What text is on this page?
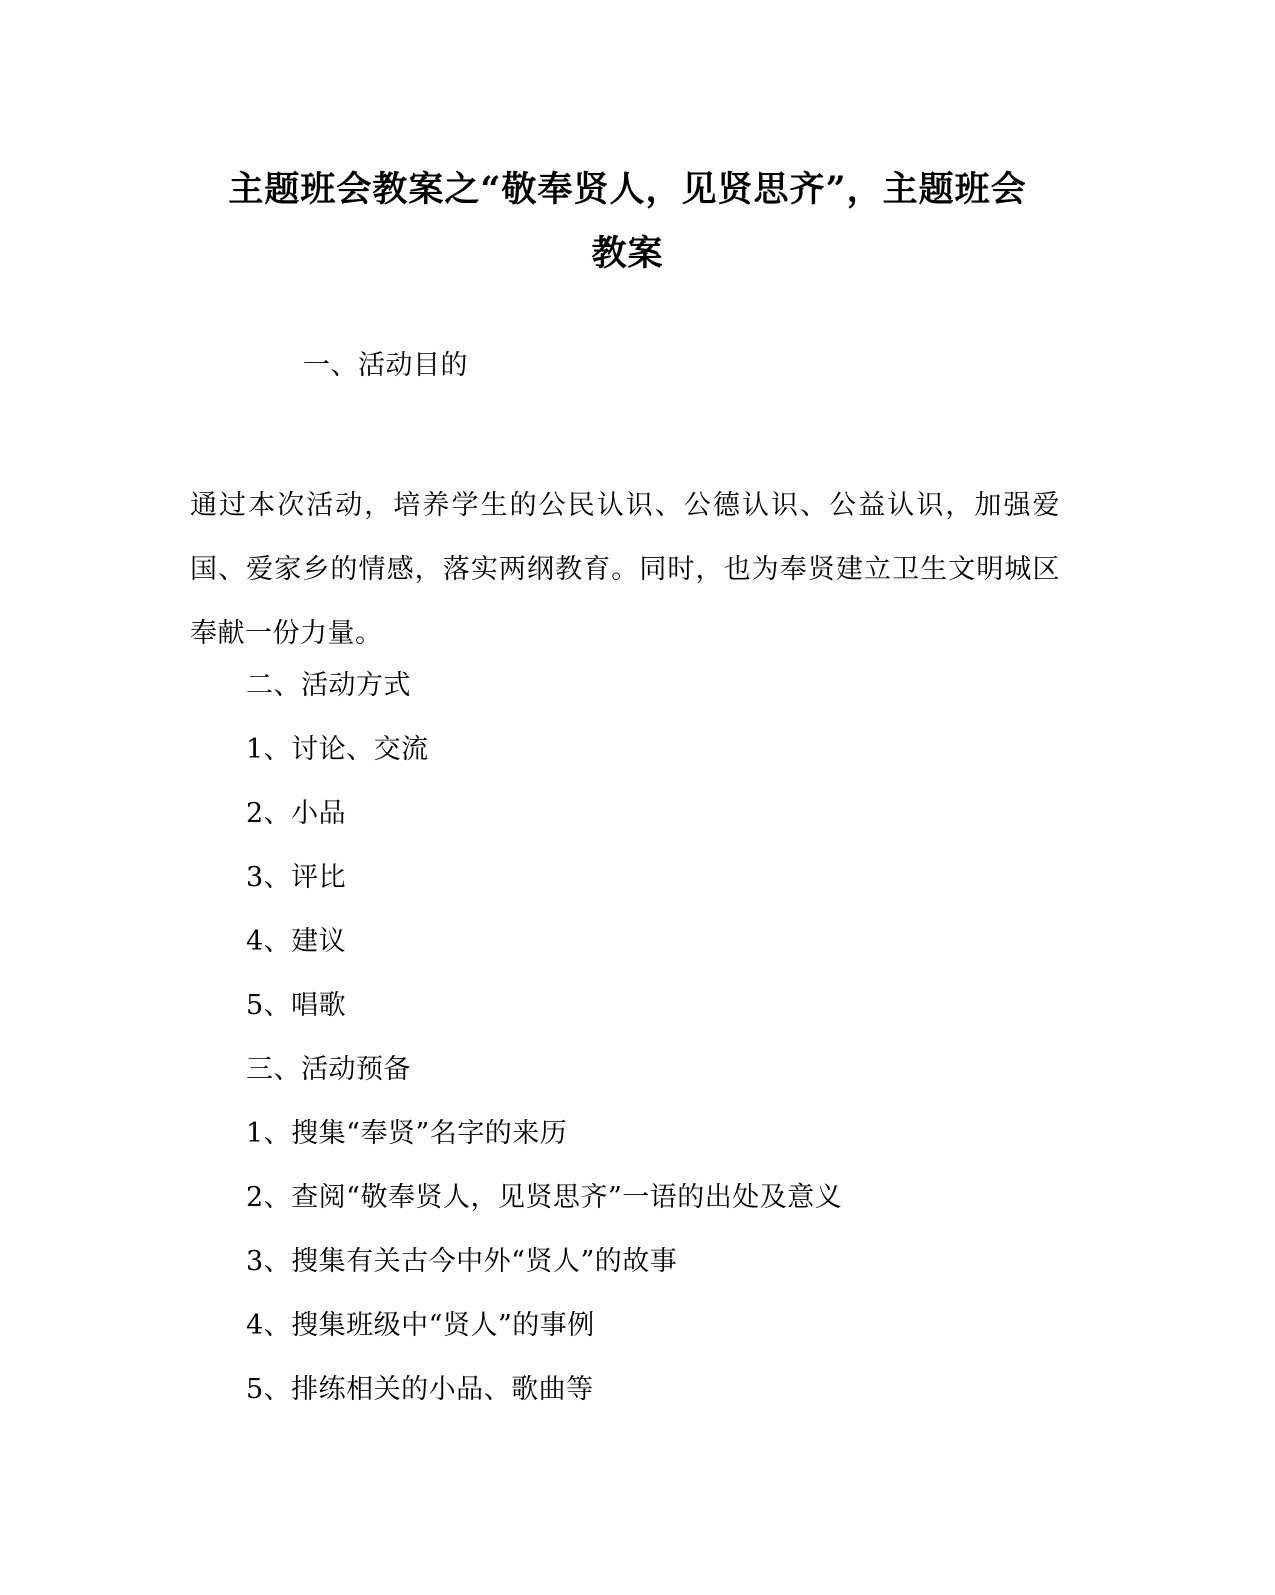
主题班会教案之“敬奉贤人，见贤思齐”，主题班会
教案
一、活动目的
通过本次活动，培养学生的公民认识、公德认识、公益认识，加强爱国、爱家乡的情感，落实两纲教育。同时，也为奉贤建立卫生文明城区奉献一份力量。
二、活动方式
1、讨论、交流
2、小品
3、评比
4、建议
5、唱歌
三、活动预备
1、搜集“奉贤”名字的来历
2、查阅“敬奉贤人，见贤思齐”一语的出处及意义
3、搜集有关古今中外“贤人”的故事
4、搜集班级中“贤人”的事例
5、排练相关的小品、歌曲等
